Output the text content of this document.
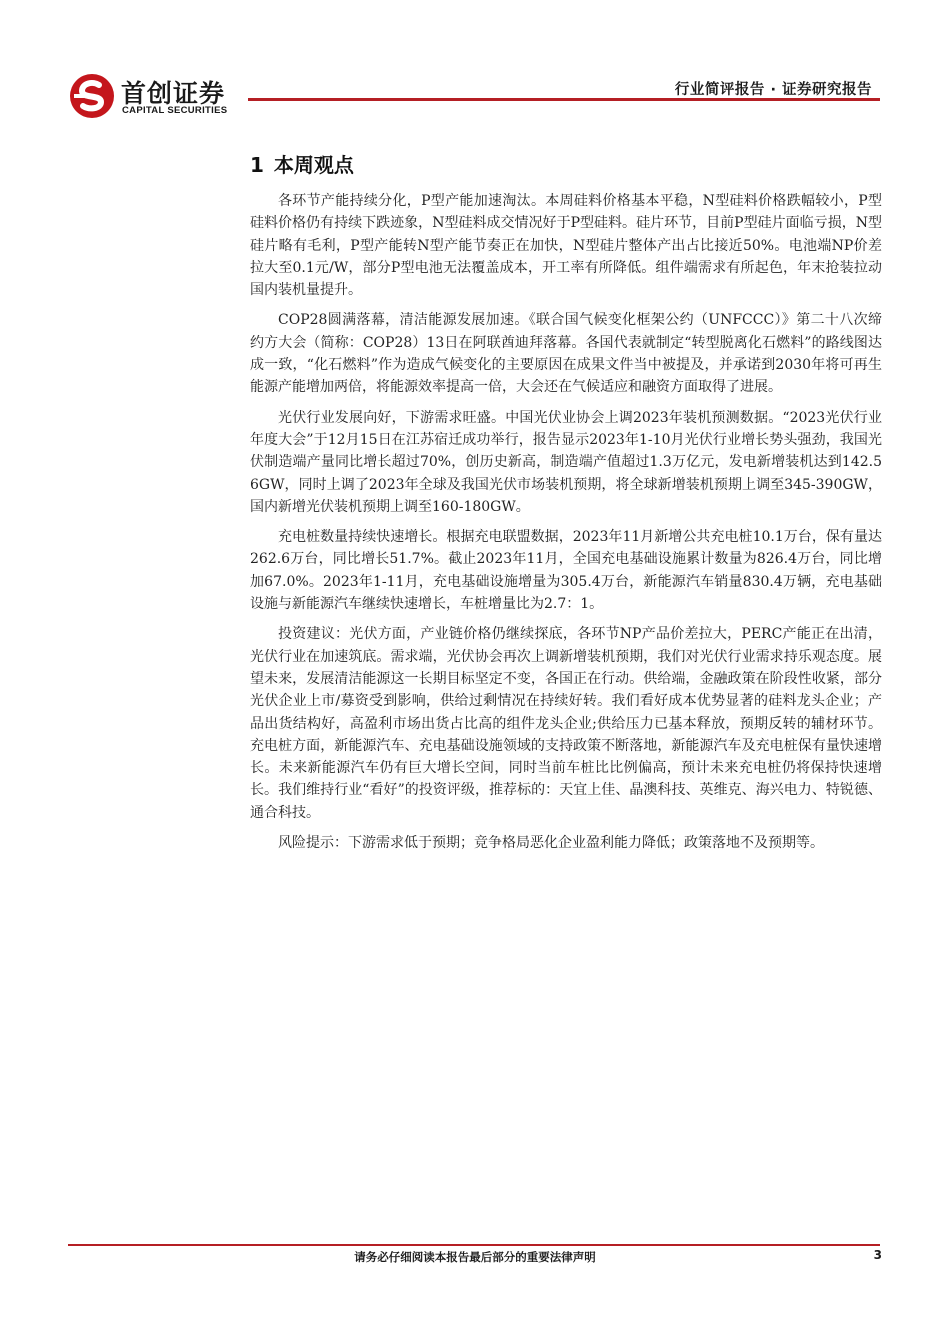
首创证券
CAPITAL SECURITIES
行业简评报告 · 证券研究报告
1 本周观点

各环节产能持续分化，P型产能加速淘汰。本周硅料价格基本平稳，N型硅料价格跌幅较小，P型硅料价格仍有持续下跌迹象，N型硅料成交情况好于P型硅料。硅片环节，目前P型硅片面临亏损，N型硅片略有毛利，P型产能转N型产能节奏正在加快，N型硅片整体产出占比接近50%。电池端NP价差拉大至0.1元/W，部分P型电池无法覆盖成本，开工率有所降低。组件端需求有所起色，年末抢装拉动国内装机量提升。

COP28圆满落幕，清洁能源发展加速。《联合国气候变化框架公约（UNFCCC）》第二十八次缔约方大会（简称：COP28）13日在阿联酋迪拜落幕。各国代表就制定“转型脱离化石燃料”的路线图达成一致，“化石燃料”作为造成气候变化的主要原因在成果文件当中被提及，并承诺到2030年将可再生能源产能增加两倍，将能源效率提高一倍，大会还在气候适应和融资方面取得了进展。

光伏行业发展向好，下游需求旺盛。中国光伏业协会上调2023年装机预测数据。“2023光伏行业年度大会”于12月15日在江苏宿迁成功举行，报告显示2023年1-10月光伏行业增长势头强劲，我国光伏制造端产量同比增长超过70%，创历史新高，制造端产值超过1.3万亿元，发电新增装机达到142.56GW，同时上调了2023年全球及我国光伏市场装机预期，将全球新增装机预期上调至345-390GW，国内新增光伏装机预期上调至160-180GW。

充电桩数量持续快速增长。根据充电联盟数据，2023年11月新增公共充电桩10.1万台，保有量达262.6万台，同比增长51.7%。截止2023年11月，全国充电基础设施累计数量为826.4万台，同比增加67.0%。2023年1-11月，充电基础设施增量为305.4万台，新能源汽车销量830.4万辆，充电基础设施与新能源汽车继续快速增长，车桩增量比为2.7：1。

投资建议：光伏方面，产业链价格仍继续探底，各环节NP产品价差拉大，PERC产能正在出清，光伏行业在加速筑底。需求端，光伏协会再次上调新增装机预期，我们对光伏行业需求持乐观态度。展望未来，发展清洁能源这一长期目标坚定不变，各国正在行动。供给端，金融政策在阶段性收紧，部分光伏企业上市/募资受到影响，供给过剩情况在持续好转。我们看好成本优势显著的硅料龙头企业；产品出货结构好，高盈利市场出货占比高的组件龙头企业;供给压力已基本释放，预期反转的辅材环节。充电桩方面，新能源汽车、充电基础设施领域的支持政策不断落地，新能源汽车及充电桩保有量快速增长。未来新能源汽车仍有巨大增长空间，同时当前车桩比比例偏高，预计未来充电桩仍将保持快速增长。我们维持行业“看好”的投资评级，推荐标的：天宜上佳、晶澳科技、英维克、海兴电力、特锐德、通合科技。

风险提示：下游需求低于预期；竞争格局恶化企业盈利能力降低；政策落地不及预期等。

请务必仔细阅读本报告最后部分的重要法律声明	3
